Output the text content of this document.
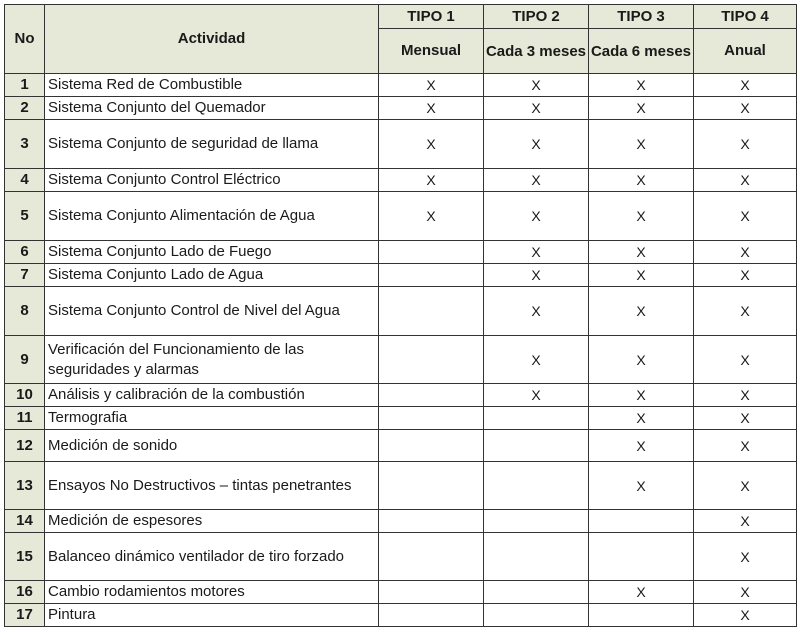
No	Actividad	TIPO 1	TIPO 2	TIPO 3	TIPO 4
		Mensual	Cada 3 meses	Cada 6 meses	Anual
1	Sistema Red de Combustible	X	X	X	X
2	Sistema Conjunto del Quemador	X	X	X	X
3	Sistema Conjunto de seguridad de llama	X	X	X	X
4	Sistema Conjunto Control Eléctrico	X	X	X	X
5	Sistema Conjunto Alimentación de Agua	X	X	X	X
6	Sistema Conjunto Lado de Fuego		X	X	X
7	Sistema Conjunto Lado de Agua		X	X	X
8	Sistema Conjunto Control de Nivel del Agua		X	X	X
9	Verificación del Funcionamiento de las seguridades y alarmas		X	X	X
10	Análisis y calibración de la combustión		X	X	X
11	Termografia			X	X
12	Medición de sonido			X	X
13	Ensayos No Destructivos – tintas penetrantes			X	X
14	Medición de espesores				X
15	Balanceo dinámico ventilador de tiro forzado				X
16	Cambio rodamientos motores			X	X
17	Pintura				X
